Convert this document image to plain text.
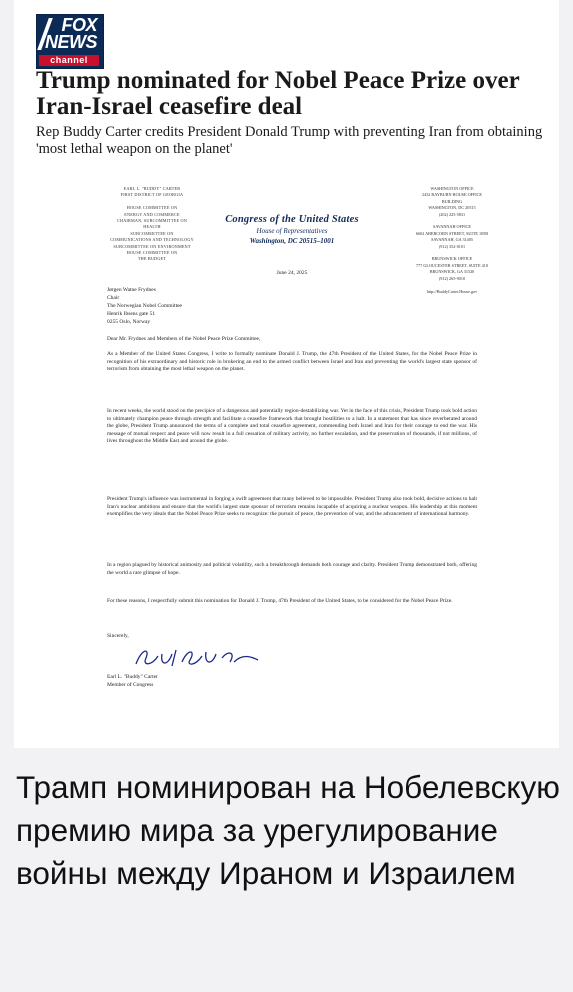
FOX
NEWS
channel
Trump nominated for Nobel Peace Prize over Iran-Israel ceasefire deal

Rep Buddy Carter credits President Donald Trump with preventing Iran from obtaining 'most lethal weapon on the planet'

EARL L. "BUDDY" CARTER
FIRST DISTRICT OF GEORGIA

HOUSE COMMITTEE ON
ENERGY AND COMMERCE
CHAIRMAN, SUBCOMMITTEE ON
HEALTH
SUBCOMMITTEE ON
COMMUNICATIONS AND TECHNOLOGY
SUBCOMMITTEE ON ENVIRONMENT
HOUSE COMMITTEE ON
THE BUDGET
Congress of the United States
House of Representatives
Washington, DC 20515–1001
WASHINGTON OFFICE
2432 RAYBURN HOUSE OFFICE BUILDING
WASHINGTON, DC 20515
(202) 225-5831

SAVANNAH OFFICE
6602 ABERCORN STREET, SUITE 105B
SAVANNAH, GA 31405
(912) 352-0101

BRUNSWICK OFFICE
777 GLOUCESTER STREET, SUITE 410
BRUNSWICK, GA 31520
(912) 265-9010

http://BuddyCarter.House.gov
June 24, 2025
Jørgen Watne Frydnes
Chair
The Norwegian Nobel Committee
Henrik Ibsens gate 51
0255 Oslo, Norway
Dear Mr. Frydnes and Members of the Nobel Peace Prize Committee,

As a Member of the United States Congress, I write to formally nominate Donald J. Trump, the 47th President of the United States, for the Nobel Peace Prize in recognition of his extraordinary and historic role in brokering an end to the armed conflict between Israel and Iran and preventing the world's largest state sponsor of terrorism from obtaining the most lethal weapon on the planet.

In recent weeks, the world stood on the precipice of a dangerous and potentially region-destabilizing war. Yet in the face of this crisis, President Trump took bold action to ultimately champion peace through strength and facilitate a ceasefire framework that brought hostilities to a halt. In a statement that has since reverberated around the globe, President Trump announced the terms of a complete and total ceasefire agreement, commending both Israel and Iran for their courage to end the war. His message of mutual respect and peace will now result in a full cessation of military activity, no further escalation, and the preservation of thousands, if not millions, of lives throughout the Middle East and around the globe.

President Trump's influence was instrumental in forging a swift agreement that many believed to be impossible. President Trump also took bold, decisive actions to halt Iran's nuclear ambitions and ensure that the world's largest state sponsor of terrorism remains incapable of acquiring a nuclear weapon. His leadership at this moment exemplifies the very ideals that the Nobel Peace Prize seeks to recognize: the pursuit of peace, the prevention of war, and the advancement of international harmony.

In a region plagued by historical animosity and political volatility, such a breakthrough demands both courage and clarity. President Trump demonstrated both, offering the world a rare glimpse of hope.

For these reasons, I respectfully submit this nomination for Donald J. Trump, 47th President of the United States, to be considered for the Nobel Peace Prize.

Sincerely,
Earl L. "Buddy" Carter
Member of Congress

Трамп номинирован на Нобелевскую премию мира за урегулирование войны между Ираном и Израилем
